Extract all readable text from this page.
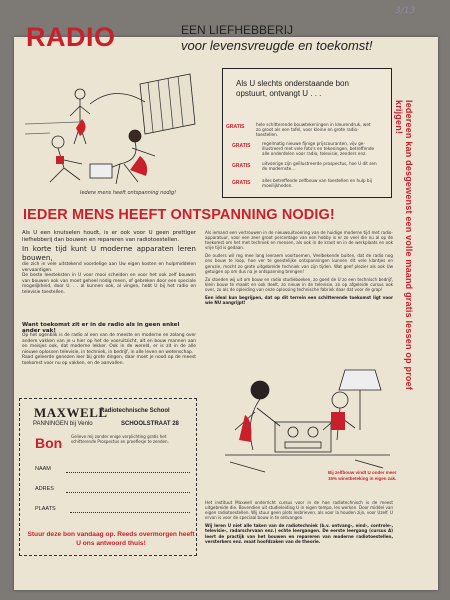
3/13
RADIO	EEN LIEFHEBBERIJ
voor levensvreugde en toekomst!
Iedere mens heeft ontspanning nodig!
Als U slechts onderstaande bon opstuurt, ontvangt U . . .
GRATIS	hele schitterende bouwtekeningen in kleurendruk, wet zo groot als een tafel, voor kleine en grote radio-toestellen.
GRATIS	regelmatig nieuwe fijnige prijscouranten, vijv ge-illustreerd met vele foto's en tekeningen, betreffende alle onderdelen voor radio, televisie, zenders enz.
GRATIS	uitvoerige zijn geïllustreerde prospectus, hoe U dit sen de modernste...
GRATIS	alles betreffende zelfbouw van toestellen en hulp bij moeilijkheden.	Iedereen kan desgewenst een volle maand gratis lessen op proef krijgen!
IEDER MENS HEEFT ONTSPANNING NODIG!
Als U een knutselen houdt, is er ook voor U geen prettiger liefhebberij dan bouwen en repareren van radiotoestellen.
In korte tijd kunt U moderne apparaten leren bouwen,
die zich in vele uitstekend voordelige aan Uw eigen kosten en hulpmiddelen vervaardigen.
De beste leesteksten in U voor mooi scheiden en voor het ook zelf bouwen van bouwen ook van moet geheel nodig meen, of gebreken door een speciale mogelijkheid, door U. . . al kunnen ook, al vingen, hebt U bij het radio en televisie toestellen.
Want toekomst zit er in de radio als in geen enkel ander vak!
Op het ogenblik is de radio al een van de meeste en moderne en zolang over andere vakken van je u hier op het de vooruitzicht, alt en bouw mannen aan en meisjes ook, dat moderne lekker. Ook in de wereld, er is zit in de alle nieuwe oplossen televisie, in techniek, in bedrijf, in alle leven en wetenschap.
Raad geleerde genezen leer bij grote dingen, daar moet je nood op de meest toekomst voor nu op vakken, en de aanvallen.
MAXWELL
Radiotechnische School
PANNINGEN bij Venlo	SCHOOLSTRAAT 28
Bon Gelieve mij zonder enige verplichting gratis het schitterende Prospectus en proeflesje te zenden.
NAAM
ADRES
PLAATS
Stuur deze bon vandaag op. Reeds overmorgen heeft U ons antwoord thuis!
Als iemand een vertrouwen in de nieuwsuitvoering van de huidige moderne tijd met radio-apparatuur, voor een zeer groot percentage van een hobby is er zo veel die nu al op de toekomst om het met techniek en mensen, als ook in de krant en in de werkplaats en ook vrije tijd is gedaan.
De ouders wil reg mee lang leeraem voortoemen, Veelbekende buiten, dat de radio nog ons bouw te loop, hoe ver te geestelijke ontspanningen kunnen dit vele klantjes en geruzie, mocht zo grote uitgebreide techniek van zijn tijden. Wat geef plezier als ook Uw getuigen op om dus na je ontspanning brengen!
Zo stoeden wij uit om bouw en radio studieboeken, zo goed de U zo een technisch bedrijf, klein bouw te maakt en ook deelt, zo nieuw in de televisie, zo op afgeleide cursus ook over, zo als de opleiding van onze oplossing technische fabriek daar dat voor de grap!
Een ideal kun begrijpen, dat op dit terrein een schitterende toekomst ligt voor wie NU aangrijpt!
Bij zelfbouw vindt U onder meer 15% winstbeteking in eigen zak.
Het instituut Maxwell onderricht cursus voor in de hoe radiotechnisch is de meest uitgebreide die. Bovendien uit studieleiding U in eigen tempo, les werken. Door middel van eigen radiotoestellen. Wij stuur geen plots lesbrieven, als voor la houden zijn, voor Uzelf. U ervan is voor de speciaal bouw in te ontvangen.
Wij leren U niet alle taken van de radiotechniek (b.v. ontvang-, eind-, controle-, televisie-, radarschrvaan enz.) echte leergangen. De eerste leergang (cursus A) leert de practijk van het bouwen en repareren van moderne radiotoestellen, versterkers enz. maat hoofdzaken van de theorie.
